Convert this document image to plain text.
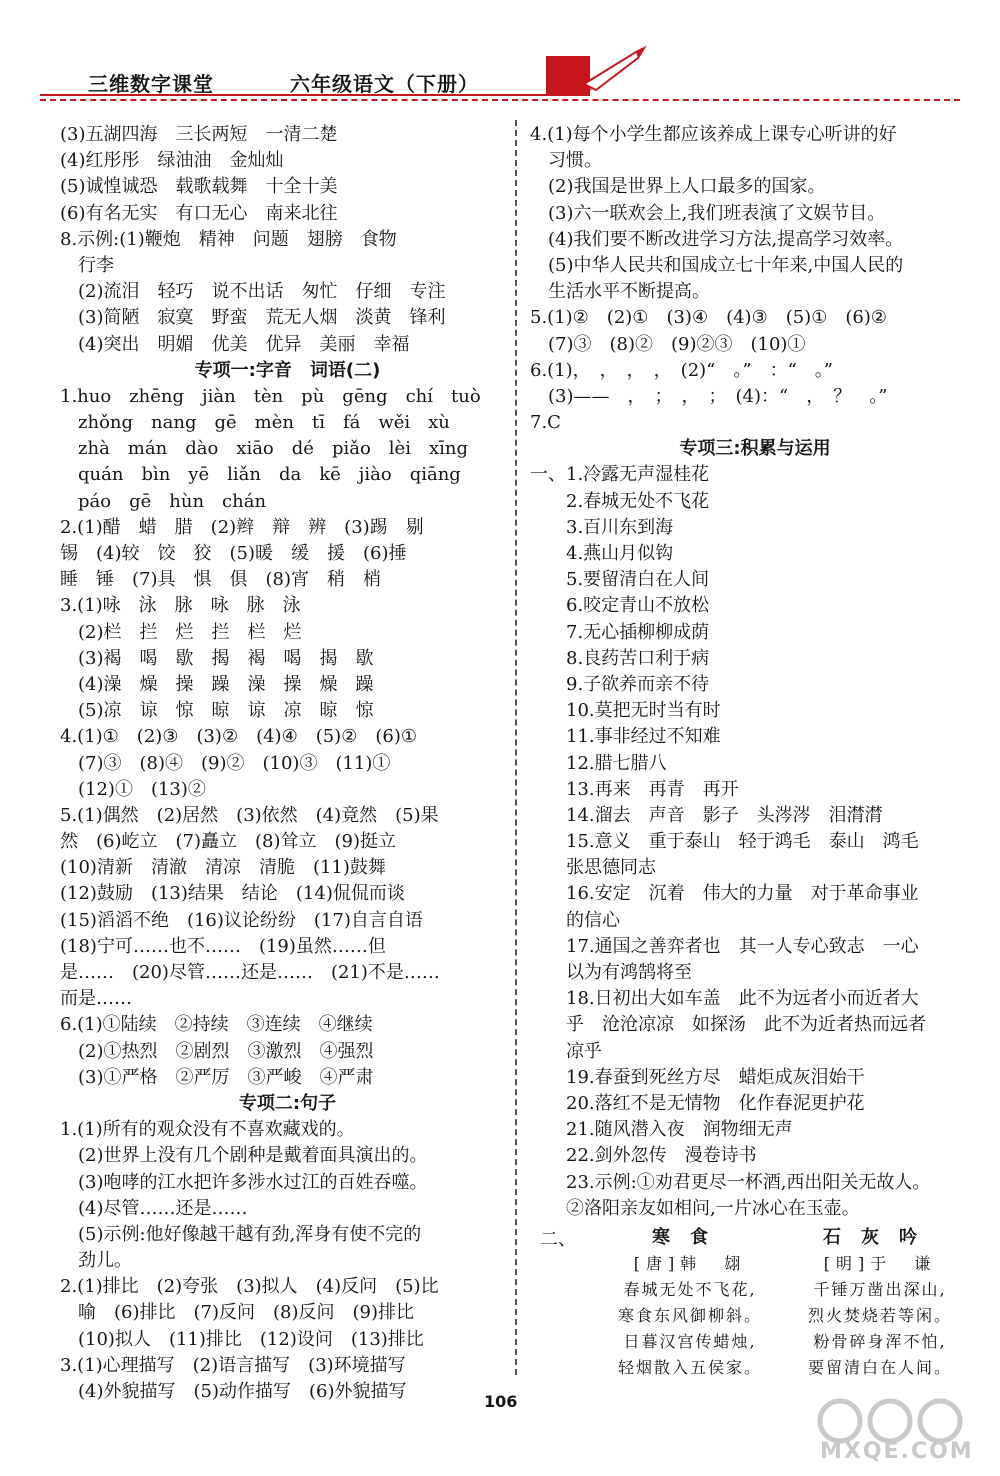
三维数字课堂	六年级语文（下册）
(3)五湖四海　三长两短　一清二楚
(4)红彤彤　绿油油　金灿灿
(5)诚惶诚恐　载歌载舞　十全十美
(6)有名无实　有口无心　南来北往
8.示例:(1)鞭炮　精神　问题　翅膀　食物
　行李
　(2)流泪　轻巧　说不出话　匆忙　仔细　专注
　(3)简陋　寂寞　野蛮　荒无人烟　淡黄　锋利
　(4)突出　明媚　优美　优异　美丽　幸福
专项一:字音　词语(二)
1.huo　zhēng　jiàn　tèn　pù　gēng　chí　tuò
　zhǒng　nang　gē　mèn　tī　fá　wěi　xù
　zhà　mán　dào　xiāo　dé　piǎo　lèi　xīng
　quán　bìn　yē　liǎn　da　kē　jiào　qiāng
　páo　gē　hùn　chán
2.(1)醋　蜡　腊　(2)辫　辩　辨　(3)踢　剔
锡　(4)较　饺　狡　(5)暖　缓　援　(6)捶
睡　锤　(7)具　惧　俱　(8)宵　稍　梢
3.(1)咏　泳　脉　咏　脉　泳
　(2)栏　拦　烂　拦　栏　烂
　(3)褐　喝　歇　揭　褐　喝　揭　歇
　(4)澡　燥　操　躁　澡　操　燥　躁
　(5)凉　谅　惊　晾　谅　凉　晾　惊
4.(1)①　(2)③　(3)②　(4)④　(5)②　(6)①
　(7)③　(8)④　(9)②　(10)③　(11)①
　(12)①　(13)②
5.(1)偶然　(2)居然　(3)依然　(4)竟然　(5)果
然　(6)屹立　(7)矗立　(8)耸立　(9)挺立
(10)清新　清澈　清凉　清脆　(11)鼓舞
(12)鼓励　(13)结果　结论　(14)侃侃而谈
(15)滔滔不绝　(16)议论纷纷　(17)自言自语
(18)宁可……也不……　(19)虽然……但
是……　(20)尽管……还是……　(21)不是……
而是……
6.(1)①陆续　②持续　③连续　④继续
　(2)①热烈　②剧烈　③激烈　④强烈
　(3)①严格　②严厉　③严峻　④严肃
专项二:句子
1.(1)所有的观众没有不喜欢藏戏的。
　(2)世界上没有几个剧种是戴着面具演出的。
　(3)咆哮的江水把许多涉水过江的百姓吞噬。
　(4)尽管……还是……
　(5)示例:他好像越干越有劲,浑身有使不完的
　劲儿。
2.(1)排比　(2)夸张　(3)拟人　(4)反问　(5)比
　喻　(6)排比　(7)反问　(8)反问　(9)排比
　(10)拟人　(11)排比　(12)设问　(13)排比
3.(1)心理描写　(2)语言描写　(3)环境描写
　(4)外貌描写　(5)动作描写　(6)外貌描写
4.(1)每个小学生都应该养成上课专心听讲的好
　习惯。
　(2)我国是世界上人口最多的国家。
　(3)六一联欢会上,我们班表演了文娱节目。
　(4)我们要不断改进学习方法,提高学习效率。
　(5)中华人民共和国成立七十年来,中国人民的
　生活水平不断提高。
5.(1)②　(2)①　(3)④　(4)③　(5)①　(6)②
　(7)③　(8)②　(9)②③　(10)①
6.(1)，　，　，　，　(2)“　。”　：“　。”
　(3)——　，　；　，　；　(4)：“　，　？　。”
7.C
专项三:积累与运用
一、1.冷露无声湿桂花
　　2.春城无处不飞花
　　3.百川东到海
　　4.燕山月似钩
　　5.要留清白在人间
　　6.咬定青山不放松
　　7.无心插柳柳成荫
　　8.良药苦口利于病
　　9.子欲养而亲不待
　　10.莫把无时当有时
　　11.事非经过不知难
　　12.腊七腊八
　　13.再来　再青　再开
　　14.溜去　声音　影子　头涔涔　泪潸潸
　　15.意义　重于泰山　轻于鸿毛　泰山　鸿毛
　　张思德同志
　　16.安定　沉着　伟大的力量　对于革命事业
　　的信心
　　17.通国之善弈者也　其一人专心致志　一心
　　以为有鸿鹄将至
　　18.日初出大如车盖　此不为远者小而近者大
　　乎　沧沧凉凉　如探汤　此不为近者热而远者
　　凉乎
　　19.春蚕到死丝方尽　蜡炬成灰泪始干
　　20.落红不是无情物　化作春泥更护花
　　21.随风潜入夜　润物细无声
　　22.剑外忽传　漫卷诗书
　　23.示例:①劝君更尽一杯酒,西出阳关无故人。
　　②洛阳亲友如相问,一片冰心在玉壶。
二、	寒食
[唐]韩　翃
春城无处不飞花,
寒食东风御柳斜。
日暮汉宫传蜡烛,
轻烟散入五侯家。
石灰吟
[明]于　谦
千锤万凿出深山,
烈火焚烧若等闲。
粉骨碎身浑不怕,
要留清白在人间。
106
MXQE.COM
